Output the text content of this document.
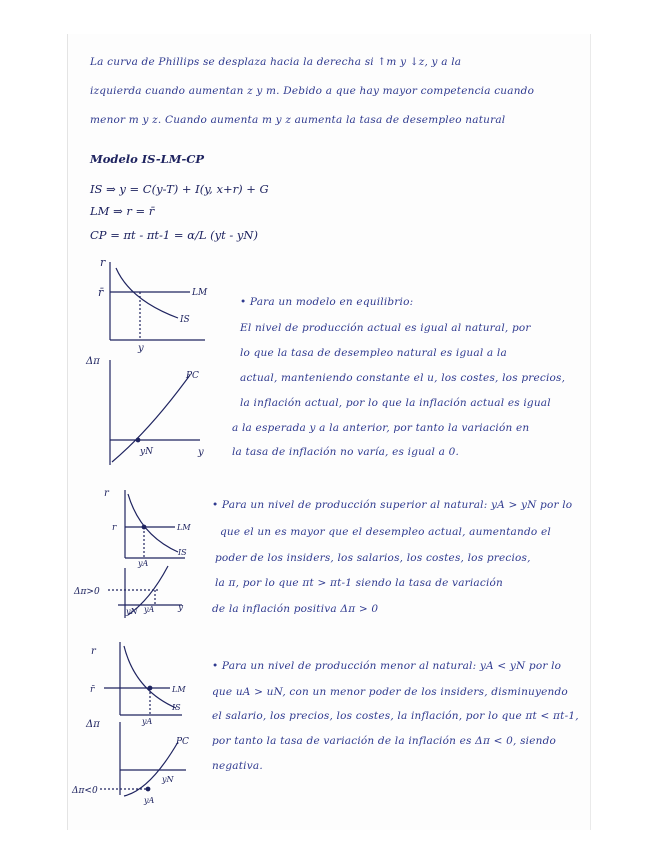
La curva de Phillips se desplaza hacia la derecha si ↑m y ↓z, y a la
izquierda cuando aumentan z y m. Debido a que hay mayor competencia cuando
menor m y z. Cuando aumenta m y z aumenta la tasa de desempleo natural
Modelo IS-LM-CP
IS ⇒ y = C(y-T) + I(y, x+r) + G
LM ⇒ r = r̄
CP = πt - πt-1 = α/L (yt - yN)
• Para un modelo en equilibrio:
El nivel de producción actual es igual al natural, por
lo que la tasa de desempleo natural es igual a la
actual, manteniendo constante el u, los costes, los precios,
la inflación actual, por lo que la inflación actual es igual
a la esperada y a la anterior, por tanto la variación en
la tasa de inflación no varía, es igual a 0.
• Para un nivel de producción superior al natural: yA > yN por lo
que el un es mayor que el desempleo actual, aumentando el
poder de los insiders, los salarios, los costes, los precios,
la π, por lo que πt > πt-1 siendo la tasa de variación
de la inflación positiva Δπ > 0
• Para un nivel de producción menor al natural: yA < yN por lo
que uA > uN, con un menor poder de los insiders, disminuyendo
el salario, los precios, los costes, la inflación, por lo que πt < πt-1,
por tanto la tasa de variación de la inflación es Δπ < 0, siendo
negativa.
r
r̄	LM
IS
y
Δπ
PC
yN	y
r
r	LM
IS
yA
Δπ>0
yN yA	y
r
r̄	LM
IS
yA
Δπ
PC
Δπ<0
yA
yN
